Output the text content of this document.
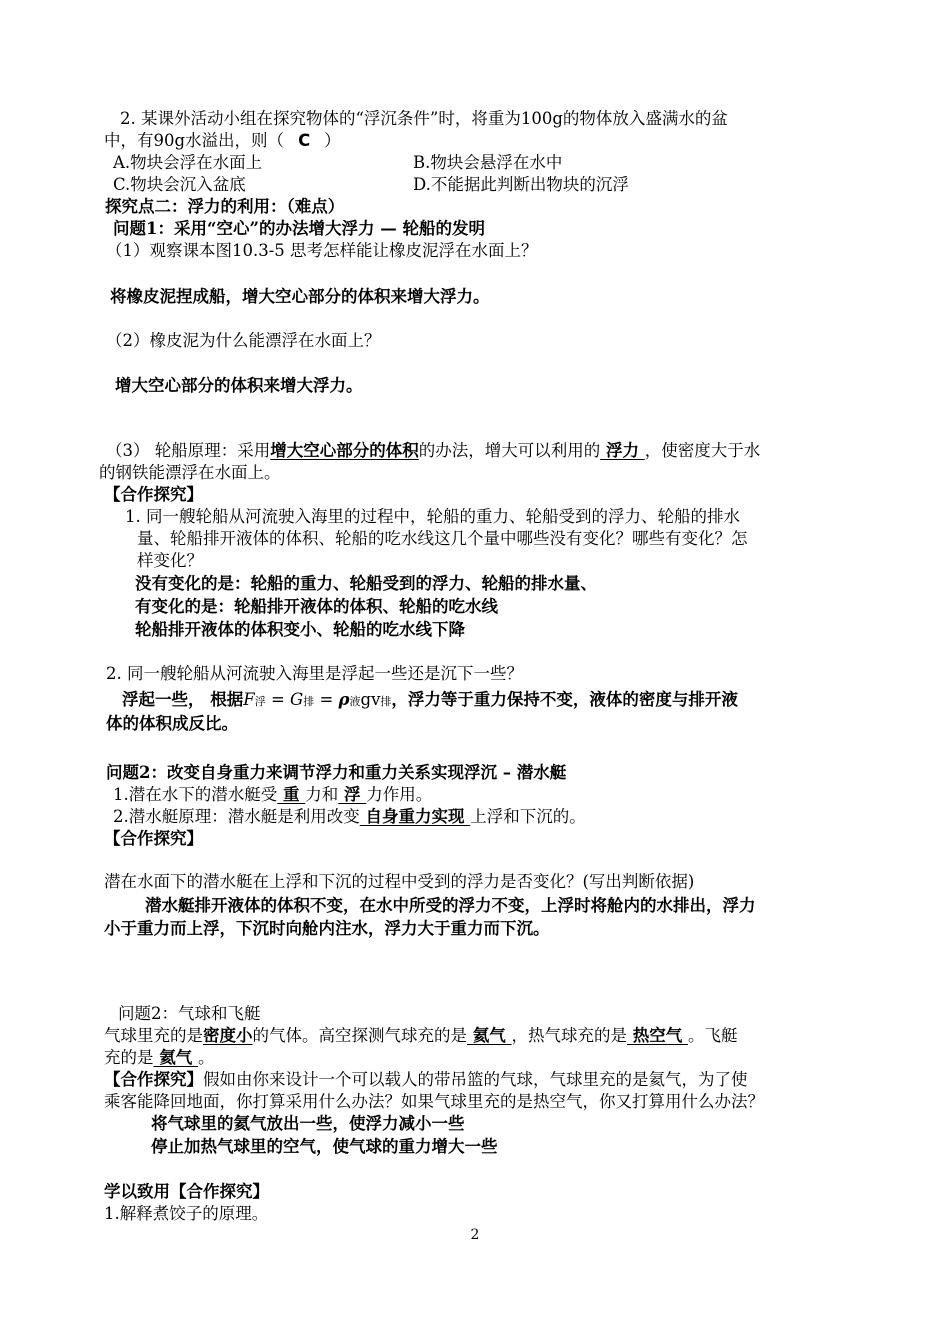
2. 某课外活动小组在探究物体的“浮沉条件”时，将重为100g的物体放入盛满水的盆
中，有90g水溢出，则（ C ）
A.物块会浮在水面上	B.物块会悬浮在水中
C.物块会沉入盆底	D.不能据此判断出物块的沉浮
探究点二：浮力的利用：（难点）
问题1：采用“空心”的办法增大浮力 — 轮船的发明
（1）观察课本图10.3-5 思考怎样能让橡皮泥浮在水面上？
将橡皮泥捏成船，增大空心部分的体积来增大浮力。
（2）橡皮泥为什么能漂浮在水面上？
增大空心部分的体积来增大浮力。
（3） 轮船原理：采用增大空心部分的体积的办法，增大可以利用的 浮力 ，使密度大于水
的钢铁能漂浮在水面上。
【合作探究】
1. 同一艘轮船从河流驶入海里的过程中，轮船的重力、轮船受到的浮力、轮船的排水
量、轮船排开液体的体积、轮船的吃水线这几个量中哪些没有变化？哪些有变化？怎
样变化？
没有变化的是：轮船的重力、轮船受到的浮力、轮船的排水量、
有变化的是：轮船排开液体的体积、轮船的吃水线
轮船排开液体的体积变小、轮船的吃水线下降
2. 同一艘轮船从河流驶入海里是浮起一些还是沉下一些？
浮起一些， 根据F浮 = G排 = ρ液gv排，浮力等于重力保持不变，液体的密度与排开液
体的体积成反比。
问题2：改变自身重力来调节浮力和重力关系实现浮沉 – 潜水艇
1.潜在水下的潜水艇受 重 力和 浮 力作用。
2.潜水艇原理：潜水艇是利用改变 自身重力实现 上浮和下沉的。
【合作探究】
潜在水面下的潜水艇在上浮和下沉的过程中受到的浮力是否变化？(写出判断依据)
潜水艇排开液体的体积不变，在水中所受的浮力不变，上浮时将舱内的水排出，浮力
小于重力而上浮，下沉时向舱内注水，浮力大于重力而下沉。
问题2：气球和飞艇
气球里充的是密度小的气体。高空探测气球充的是 氦气 ，热气球充的是 热空气 。飞艇
充的是 氦气 。
【合作探究】假如由你来设计一个可以载人的带吊篮的气球，气球里充的是氦气，为了使
乘客能降回地面，你打算采用什么办法？如果气球里充的是热空气，你又打算用什么办法？
将气球里的氦气放出一些，使浮力减小一些
停止加热气球里的空气，使气球的重力增大一些
学以致用【合作探究】
1.解释煮饺子的原理。
2
